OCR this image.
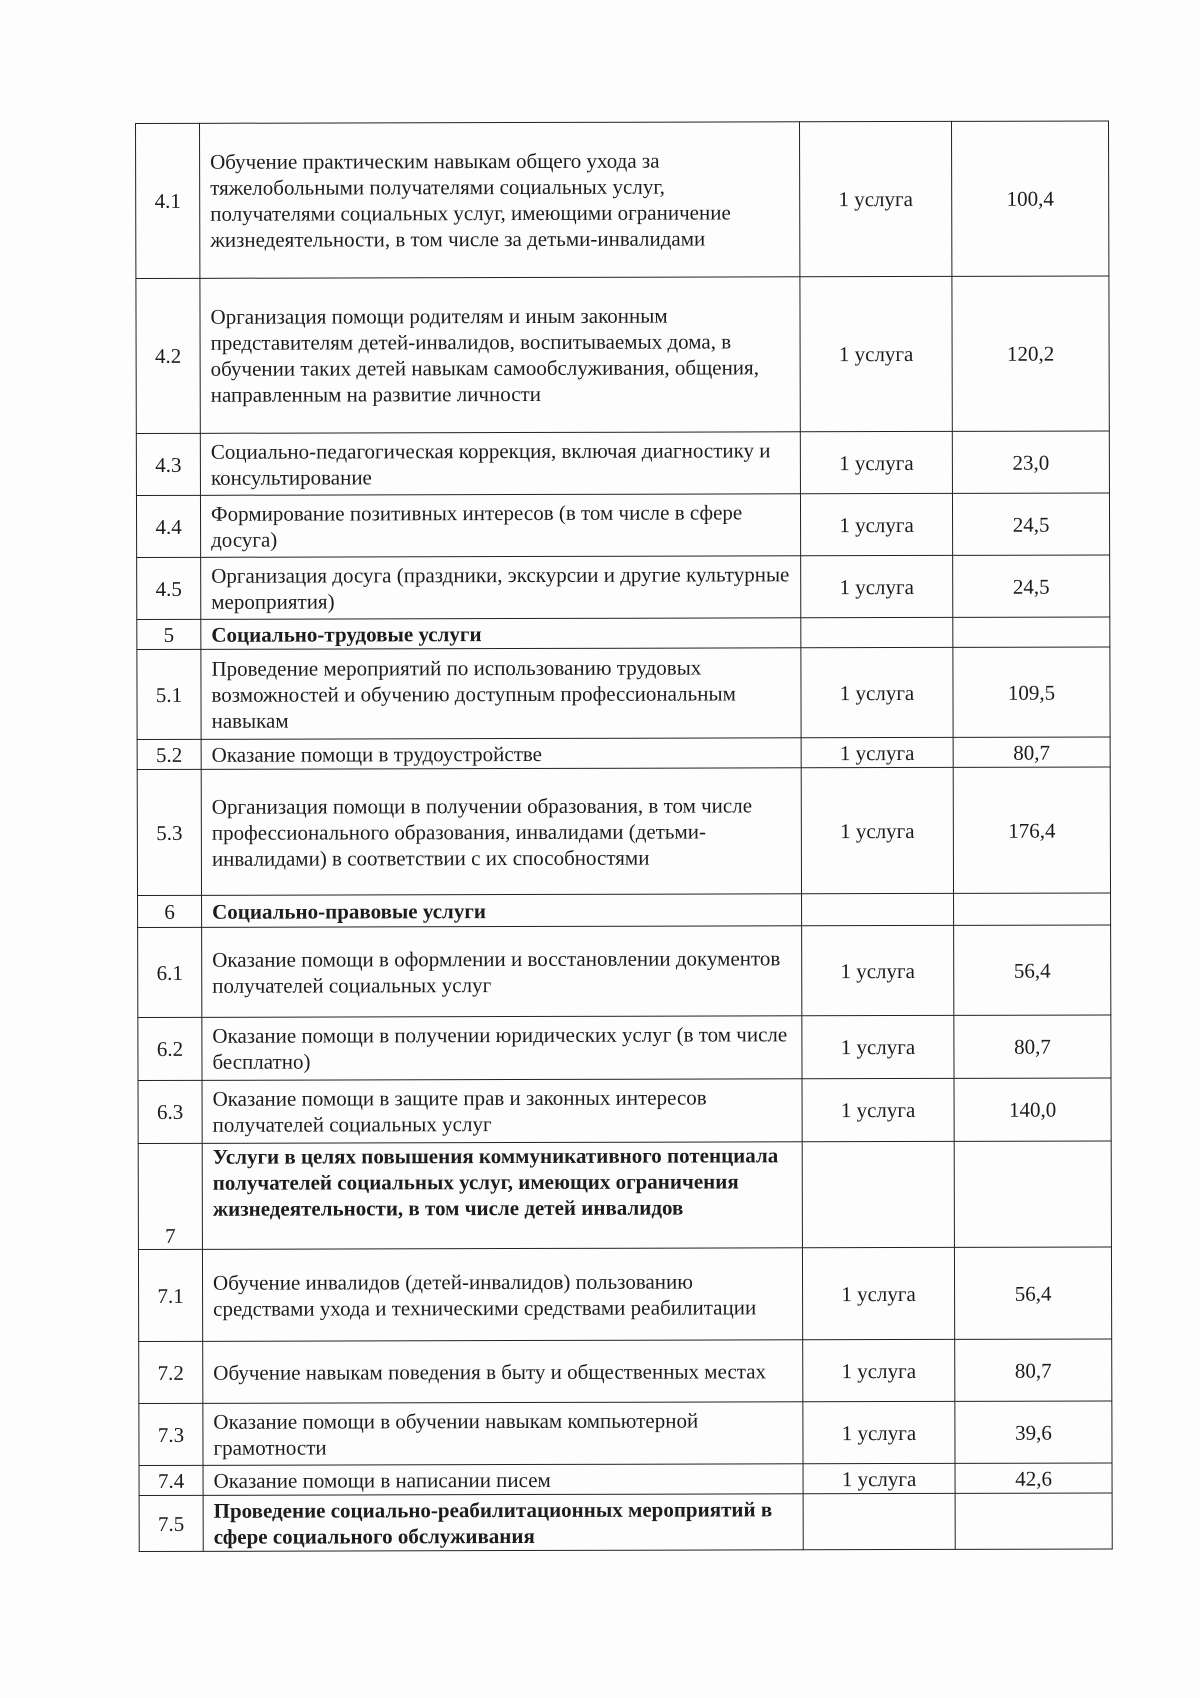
4.1	Обучение практическим навыкам общего ухода за тяжелобольными получателями социальных услуг, получателями социальных услуг, имеющими ограничение жизнедеятельности, в том числе за детьми-инвалидами	1 услуга	100,4
4.2	Организация помощи родителям и иным законным представителям детей-инвалидов, воспитываемых дома, в обучении таких детей навыкам самообслуживания, общения, направленным на развитие личности	1 услуга	120,2
4.3	Социально-педагогическая коррекция, включая диагностику и консультирование	1 услуга	23,0
4.4	Формирование позитивных интересов (в том числе в сфере досуга)	1 услуга	24,5
4.5	Организация досуга (праздники, экскурсии и другие культурные мероприятия)	1 услуга	24,5
5	Социально-трудовые услуги		
5.1	Проведение мероприятий по использованию трудовых возможностей и обучению доступным профессиональным навыкам	1 услуга	109,5
5.2	Оказание помощи в трудоустройстве	1 услуга	80,7
5.3	Организация помощи в получении образования, в том числе профессионального образования, инвалидами (детьми-инвалидами) в соответствии с их способностями	1 услуга	176,4
6	Социально-правовые услуги		
6.1	Оказание помощи в оформлении и восстановлении документов получателей социальных услуг	1 услуга	56,4
6.2	Оказание помощи в получении юридических услуг (в том числе бесплатно)	1 услуга	80,7
6.3	Оказание помощи в защите прав и законных интересов получателей социальных услуг	1 услуга	140,0
7	Услуги в целях повышения коммуникативного потенциала получателей социальных услуг, имеющих ограничения жизнедеятельности, в том числе детей инвалидов		
7.1	Обучение инвалидов (детей-инвалидов) пользованию средствами ухода и техническими средствами реабилитации	1 услуга	56,4
7.2	Обучение навыкам поведения в быту и общественных местах	1 услуга	80,7
7.3	Оказание помощи в обучении навыкам компьютерной грамотности	1 услуга	39,6
7.4	Оказание помощи в написании писем	1 услуга	42,6
7.5	Проведение социально-реабилитационных мероприятий в сфере социального обслуживания		
